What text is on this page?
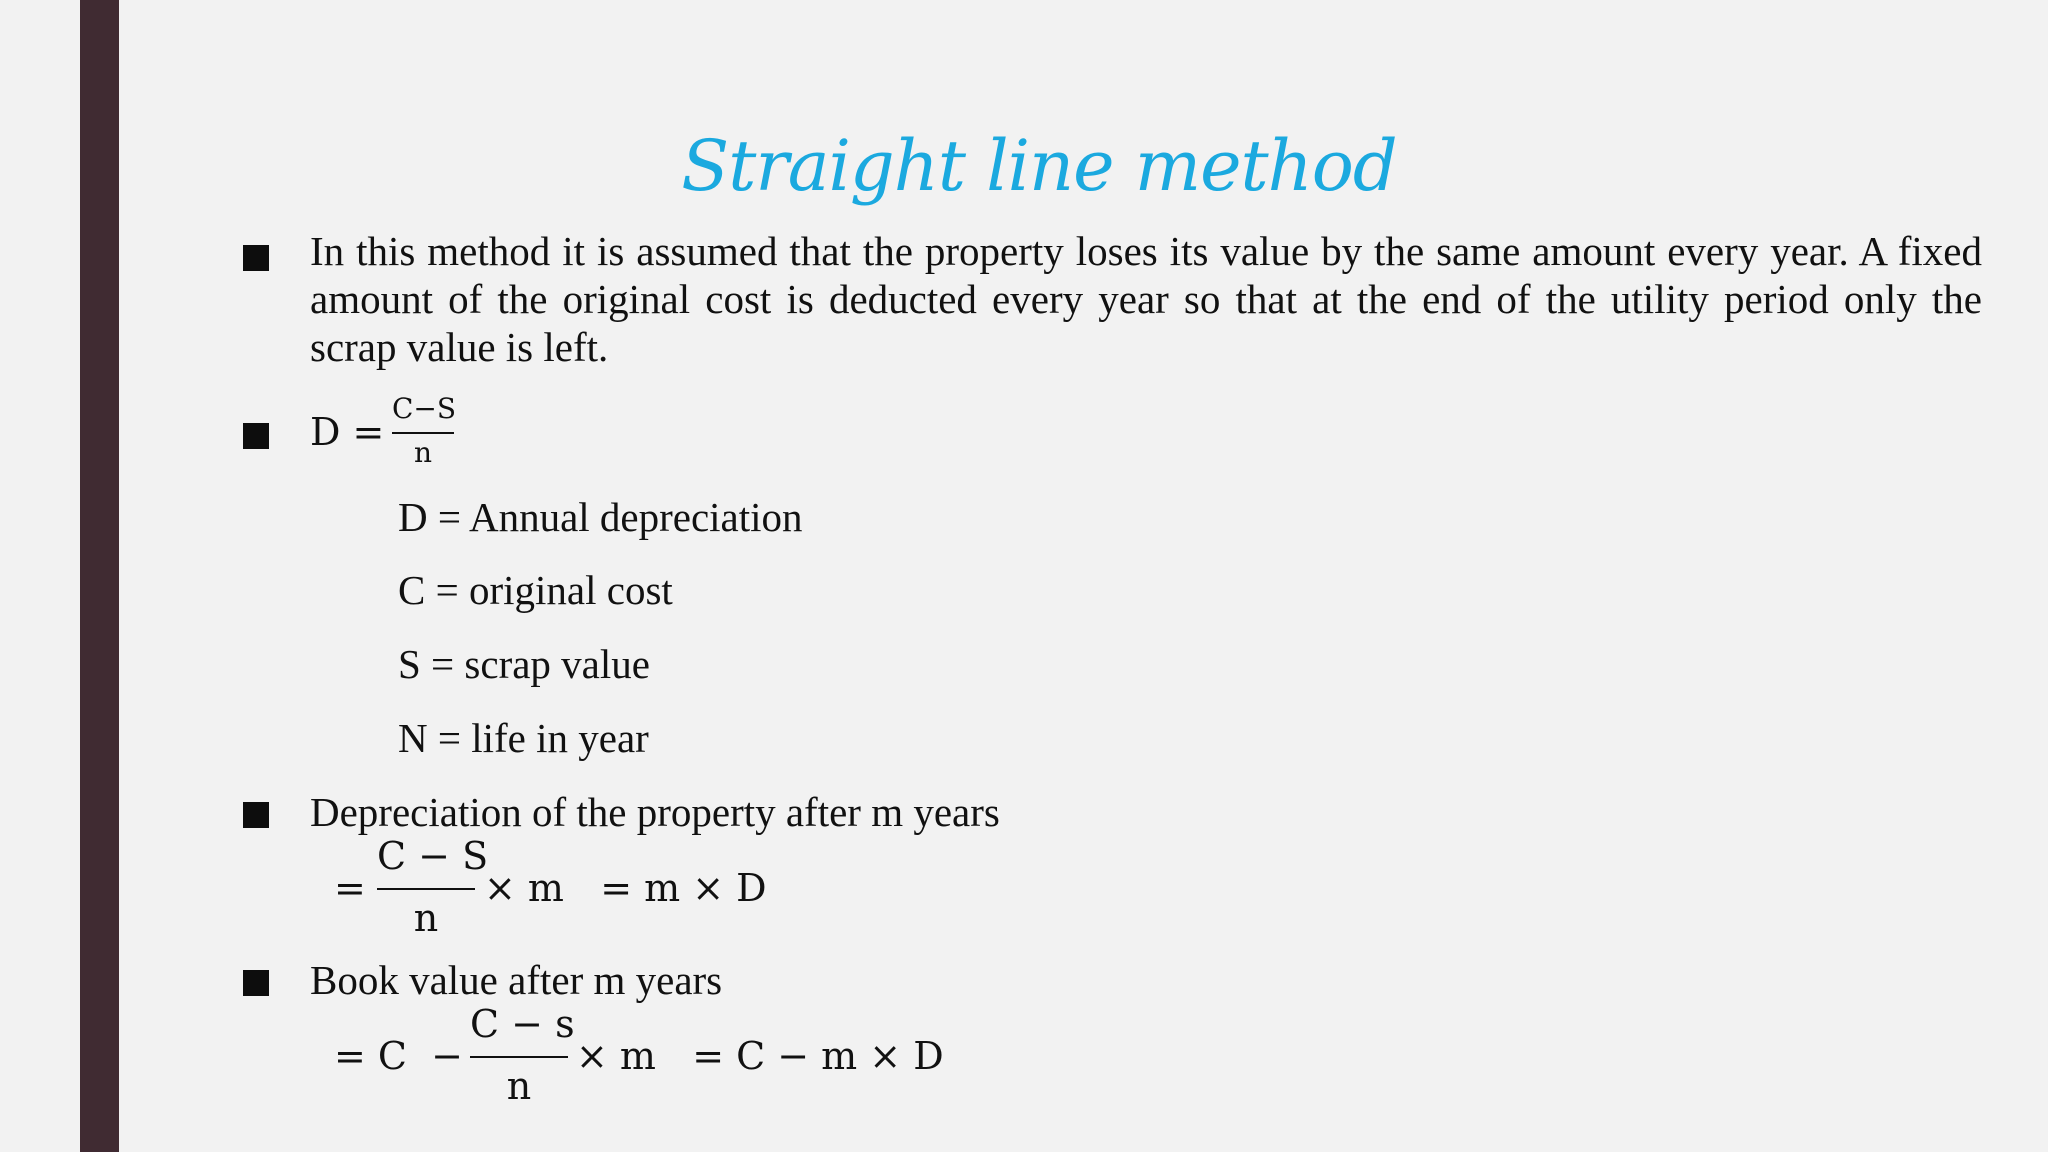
Straight line method
In this method it is assumed that the property loses its value by the same amount every year. A fixed amount of the original cost is deducted every year so that at the end of the utility period only the scrap value is left.
D =
C−S
n
D = Annual depreciation
C = original cost
S = scrap value
N = life in year
Depreciation of the property after m years
=
C − S
n
× m   = m × D
Book value after m years
= C  −
C − s
n
× m   = C − m × D
